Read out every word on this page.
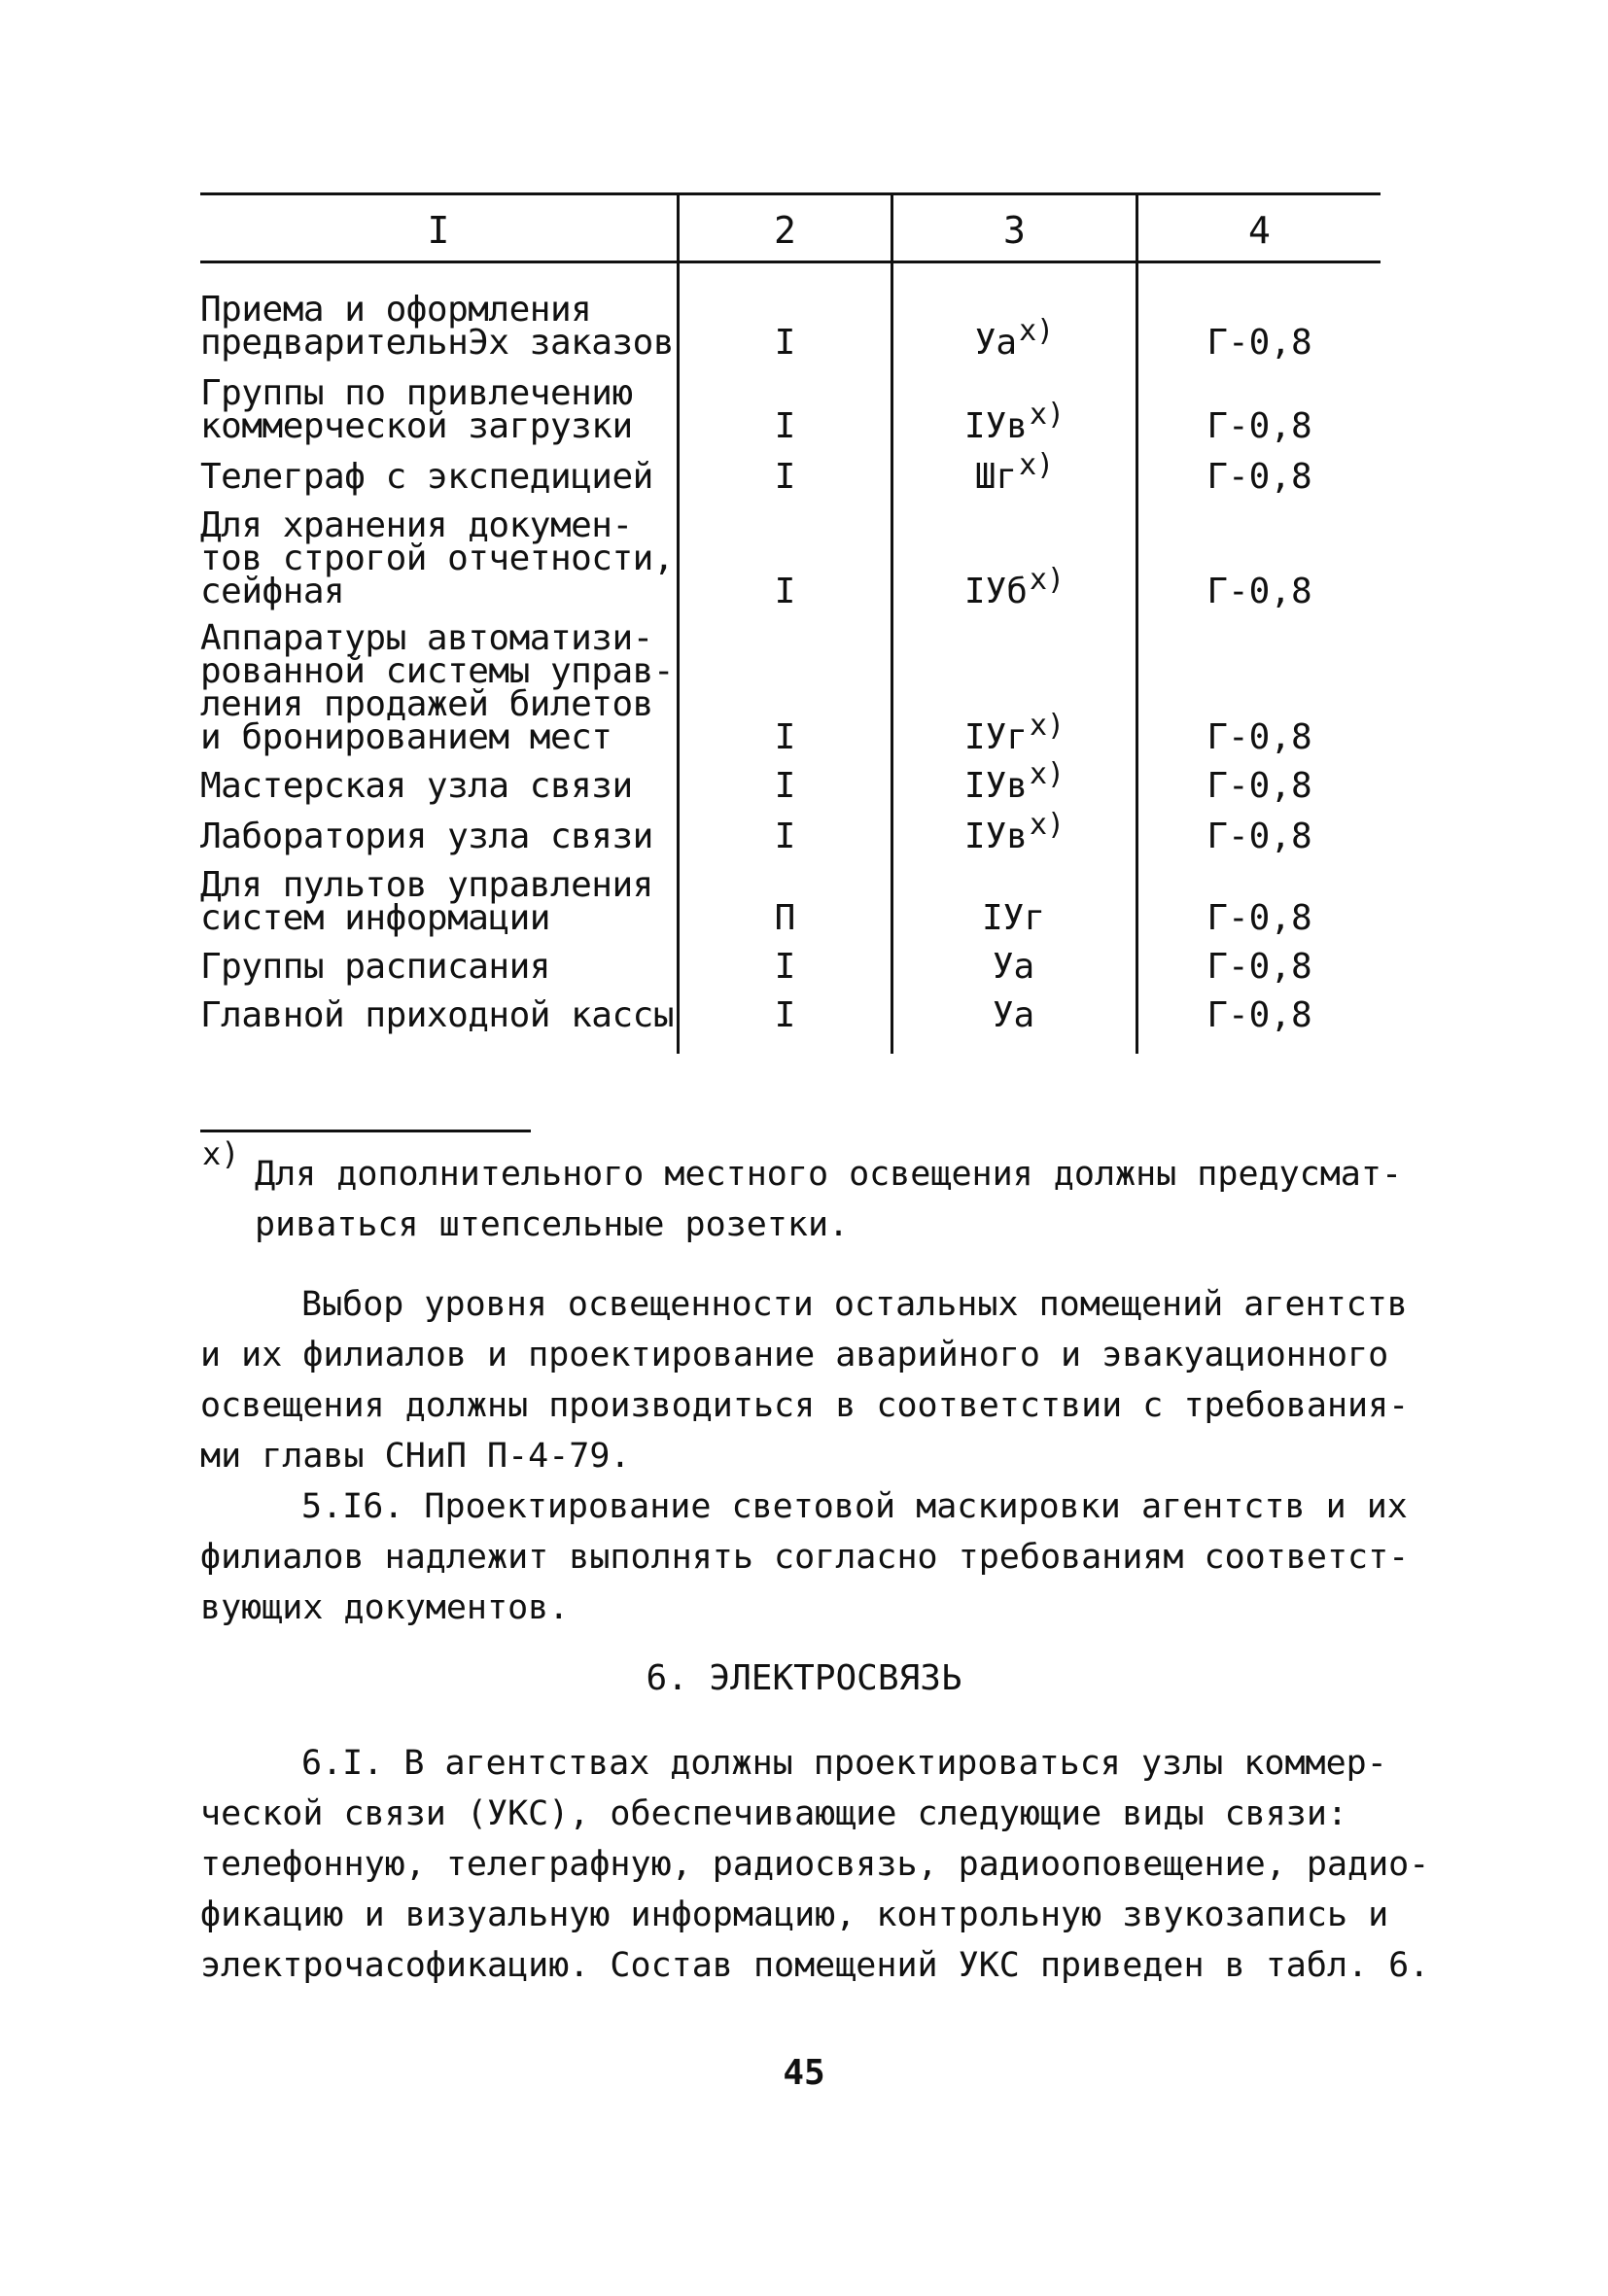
I	2	3	4
Приема и оформления
предварительнЭх заказов	I	$Уа^{х)}$	Г-0,8
Группы по привлечению
коммерческой загрузки	I	IУв$^{х)}$	Г-0,8
Телеграф с экспедицией	I	$Шг^{х)}$	Г-0,8
Для хранения докумен-
тов строгой отчетности,
сейфная	I	IУб$^{х)}$	Г-0,8
Аппаратуры автоматизи-
рованной системы управ-
ления продажей билетов
и бронированием мест	I	IУг$^{х)}$	Г-0,8
Мастерская узла связи	I	IУв$^{х)}$	Г-0,8
Лаборатория узла связи	I	IУв$^{х)}$	Г-0,8
Для пультов управления
систем информации	П	IУг	Г-0,8
Группы расписания	I	Уа	Г-0,8
Главной приходной кассы	I	Уа	Г-0,8
х)
Для дополнительного местного освещения должны предусмат-
риваться штепсельные розетки.
Выбор уровня освещенности остальных помещений агентств
и их филиалов и проектирование аварийного и эвакуационного
освещения должны производиться в соответствии с требования-
ми главы СНиП П-4-79.
5.I6. Проектирование световой маскировки агентств и их
филиалов надлежит выполнять согласно требованиям соответст-
вующих документов.
6. ЭЛЕКТРОСВЯЗЬ
6.I. В агентствах должны проектироваться узлы коммер-
ческой связи (УКС), обеспечивающие следующие виды связи:
телефонную, телеграфную, радиосвязь, радиооповещение, радио-
фикацию и визуальную информацию, контрольную звукозапись и
электрочасофикацию. Состав помещений УКС приведен в табл. 6.
45
